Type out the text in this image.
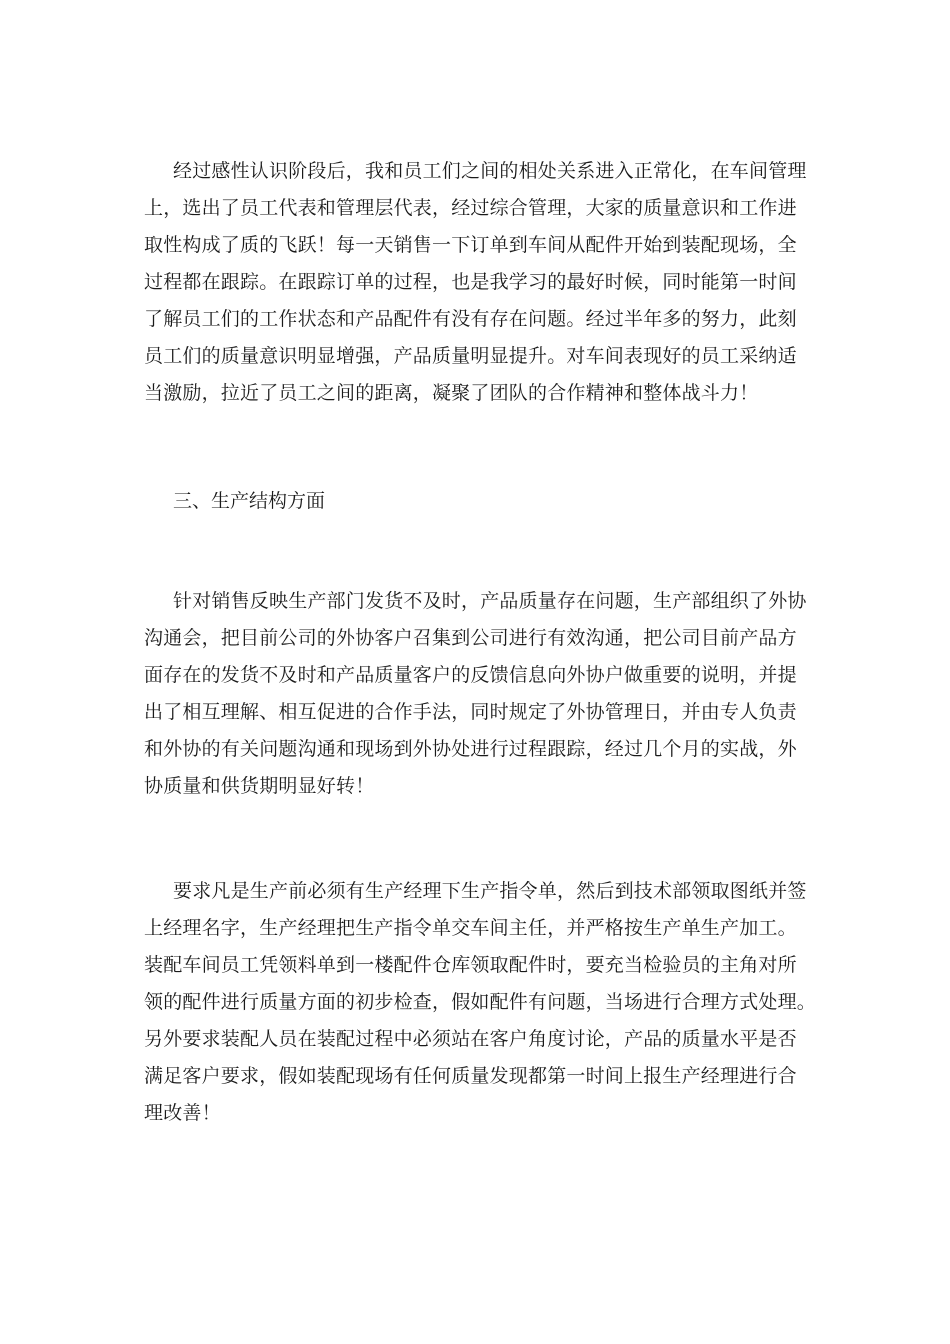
经过感性认识阶段后，我和员工们之间的相处关系进入正常化，在车间管理
上，选出了员工代表和管理层代表，经过综合管理，大家的质量意识和工作进
取性构成了质的飞跃！每一天销售一下订单到车间从配件开始到装配现场，全
过程都在跟踪。在跟踪订单的过程，也是我学习的最好时候，同时能第一时间
了解员工们的工作状态和产品配件有没有存在问题。经过半年多的努力，此刻
员工们的质量意识明显增强，产品质量明显提升。对车间表现好的员工采纳适
当激励，拉近了员工之间的距离，凝聚了团队的合作精神和整体战斗力！
三、生产结构方面
针对销售反映生产部门发货不及时，产品质量存在问题，生产部组织了外协
沟通会，把目前公司的外协客户召集到公司进行有效沟通，把公司目前产品方
面存在的发货不及时和产品质量客户的反馈信息向外协户做重要的说明，并提
出了相互理解、相互促进的合作手法，同时规定了外协管理日，并由专人负责
和外协的有关问题沟通和现场到外协处进行过程跟踪，经过几个月的实战，外
协质量和供货期明显好转！
要求凡是生产前必须有生产经理下生产指令单，然后到技术部领取图纸并签
上经理名字，生产经理把生产指令单交车间主任，并严格按生产单生产加工。
装配车间员工凭领料单到一楼配件仓库领取配件时，要充当检验员的主角对所
领的配件进行质量方面的初步检查，假如配件有问题，当场进行合理方式处理。
另外要求装配人员在装配过程中必须站在客户角度讨论，产品的质量水平是否
满足客户要求，假如装配现场有任何质量发现都第一时间上报生产经理进行合
理改善！
